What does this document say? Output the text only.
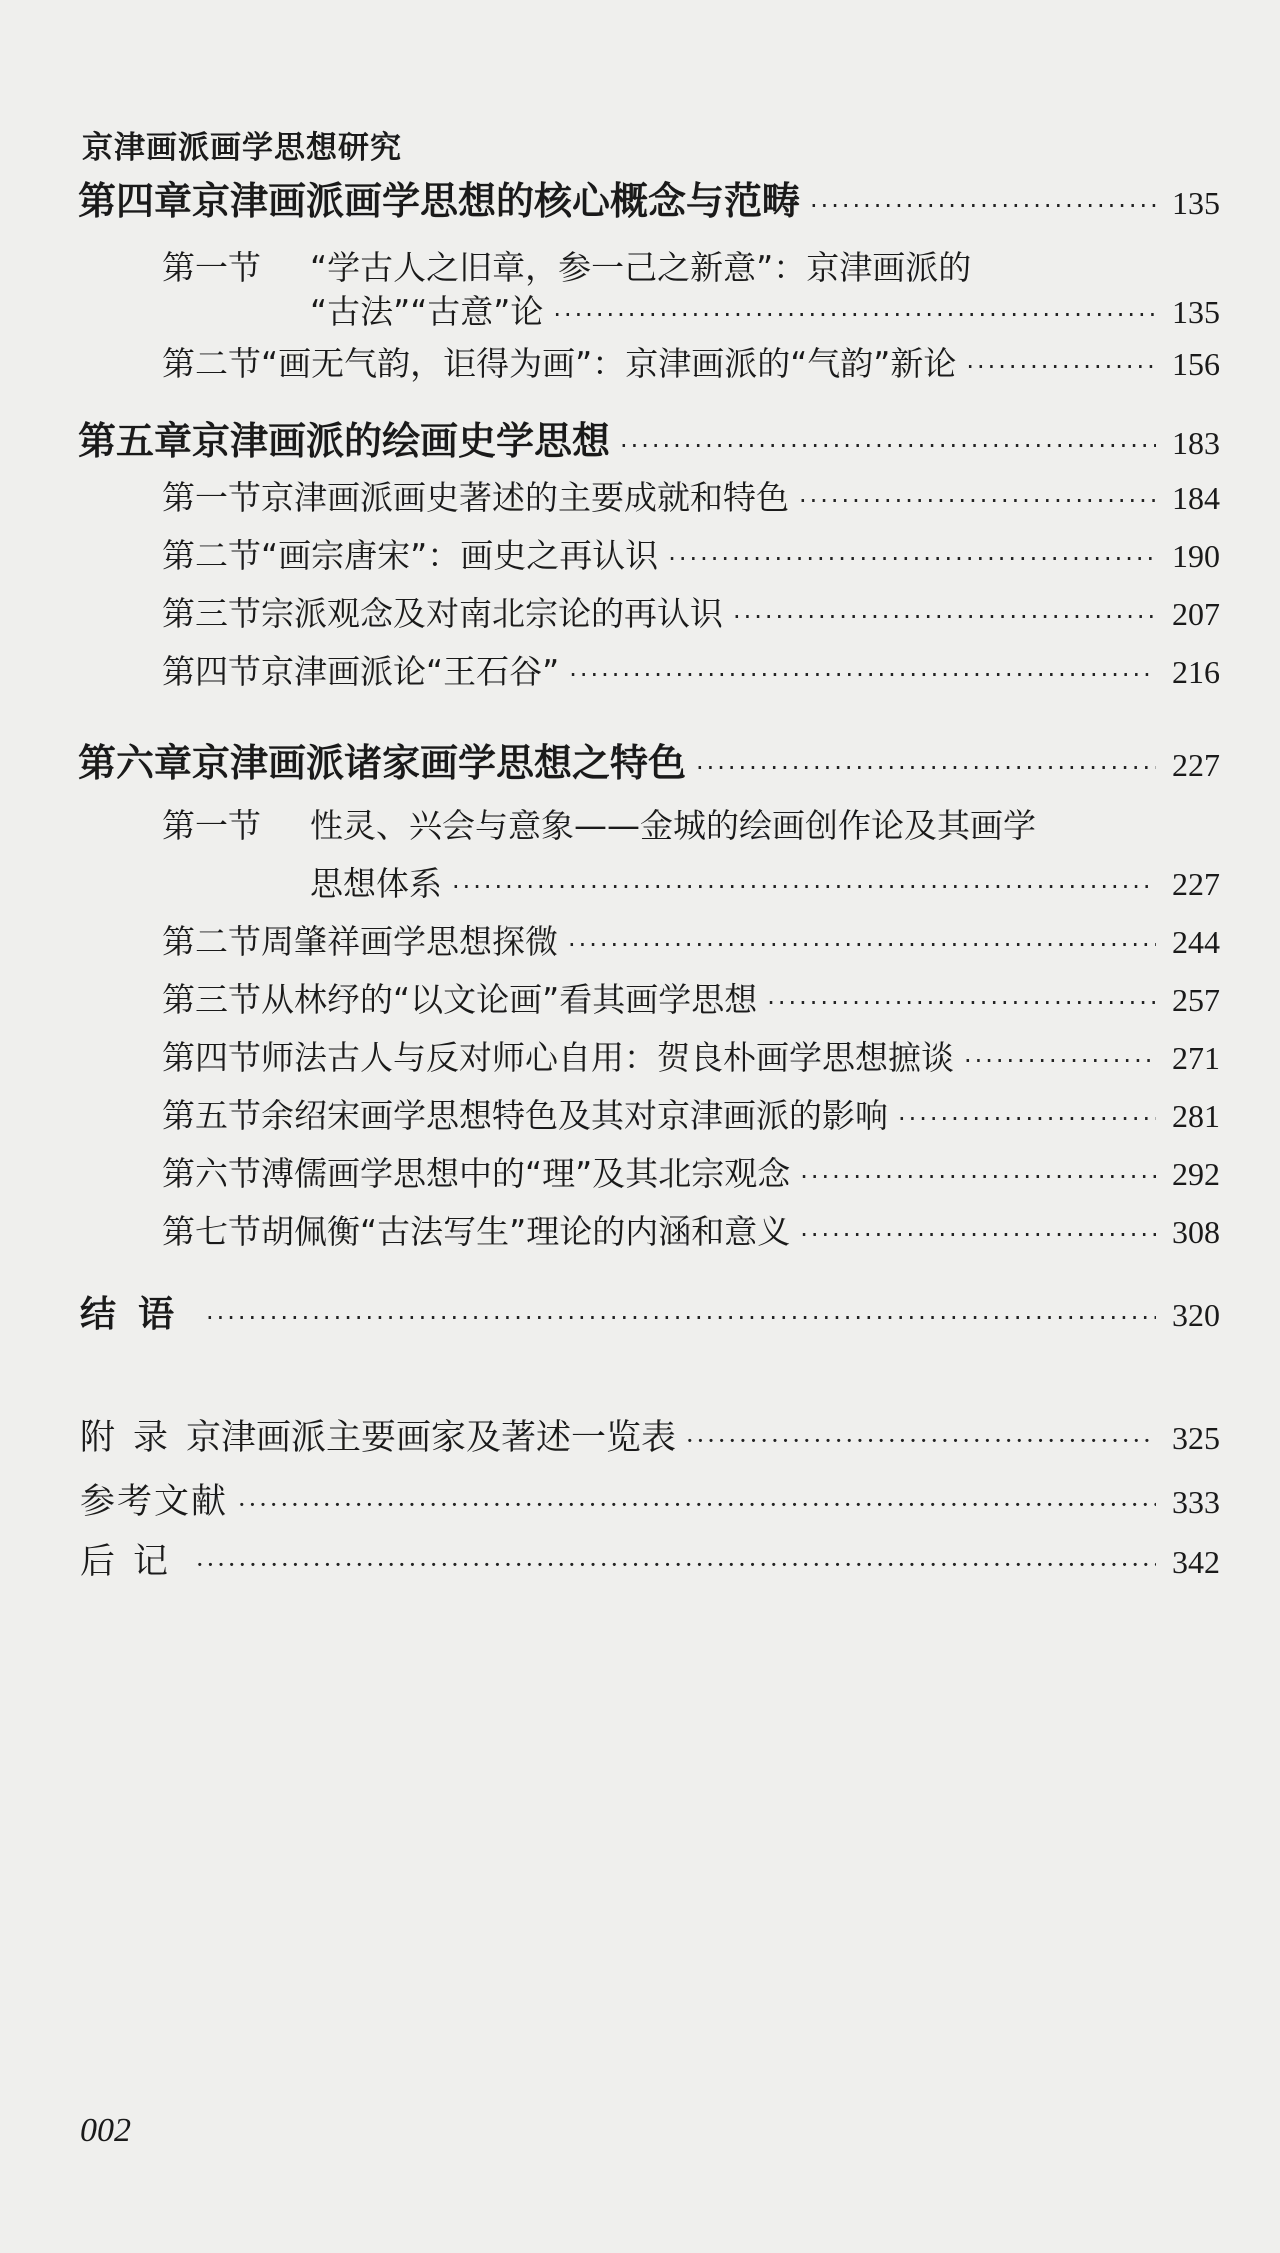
京津画派画学思想研究
第四章 京津画派画学思想的核心概念与范畴 ·····	135
第一节 “学古人之旧章，参一己之新意”：京津画派的
“古法”“古意”论 ·····	135
第二节 “画无气韵，讵得为画”：京津画派的“气韵”新论 ·····	156
第五章 京津画派的绘画史学思想 ·····	183
第一节 京津画派画史著述的主要成就和特色 ·····	184
第二节 “画宗唐宋”：画史之再认识 ·····	190
第三节 宗派观念及对南北宗论的再认识 ·····	207
第四节 京津画派论“王石谷” ·····	216
第六章 京津画派诸家画学思想之特色 ·····	227
第一节 性灵、兴会与意象——金城的绘画创作论及其画学
思想体系 ·····	227
第二节 周肇祥画学思想探微 ·····	244
第三节 从林纾的“以文论画”看其画学思想 ·····	257
第四节 师法古人与反对师心自用：贺良朴画学思想摭谈 ·····	271
第五节 余绍宋画学思想特色及其对京津画派的影响 ·····	281
第六节 溥儒画学思想中的“理”及其北宗观念 ·····	292
第七节 胡佩衡“古法写生”理论的内涵和意义 ·····	308
结语 ·····	320
附录 京津画派主要画家及著述一览表 ·····	325
参考文献 ·····	333
后记 ·····	342
002
